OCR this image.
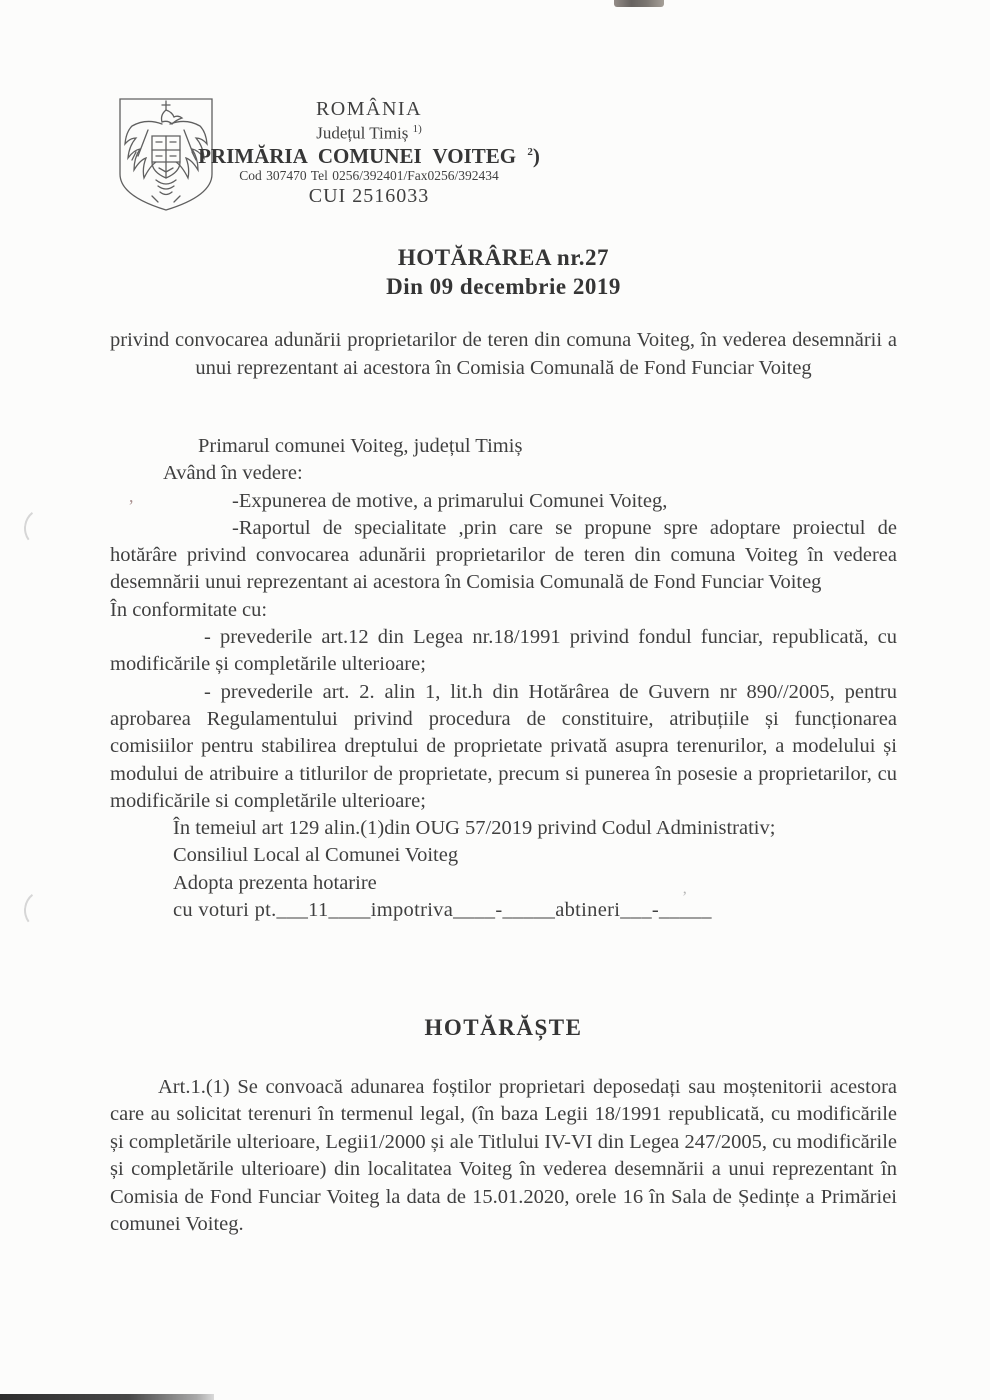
,
‚
ROMÂNIA
Județul Timiș $^{1)}$
PRIMĂRIA COMUNEI VOITEG $^2$)
Cod 307470 Tel 0256/392401/Fax0256/392434
CUI 2516033
HOTĂRÂREA nr.27
Din 09 decembrie 2019
privind convocarea adunării proprietarilor de teren din comuna Voiteg, în vederea desemnării a unui reprezentant ai acestora în Comisia Comunală de Fond Funciar Voiteg
Primarul comunei Voiteg, județul Timiș
Având în vedere:
-Expunerea de motive, a primarului Comunei Voiteg,
-Raportul de specialitate ,prin care se propune spre adoptare proiectul de hotărâre privind convocarea adunării proprietarilor de teren din comuna Voiteg în vederea desemnării unui reprezentant ai acestora în Comisia Comunală de Fond Funciar Voiteg
În conformitate cu:
- prevederile art.12 din Legea nr.18/1991 privind fondul funciar, republicată, cu modificările și completările ulterioare;
- prevederile art. 2. alin 1, lit.h din Hotărârea de Guvern nr 890//2005, pentru aprobarea Regulamentului privind procedura de constituire, atribuțiile și funcționarea comisiilor pentru stabilirea dreptului de proprietate privată asupra terenurilor, a modelului și modului de atribuire a titlurilor de proprietate, precum si punerea în posesie a proprietarilor, cu modificările si completările ulterioare;
În temeiul art 129 alin.(1)din OUG 57/2019 privind Codul Administrativ;
Consiliul Local al Comunei Voiteg
Adopta prezenta hotarire
cu voturi pt.___11____impotriva____-_____abtineri___-_____
HOTĂRĂȘTE
Art.1.(1) Se convoacă adunarea foștilor proprietari deposedați sau moștenitorii acestora care au solicitat terenuri în termenul legal, (în baza Legii 18/1991 republicată, cu modificările și completările ulterioare, Legii1/2000 și ale Titlului IV-VI din Legea 247/2005, cu modificările și completările ulterioare) din localitatea Voiteg în vederea desemnării a unui reprezentant în Comisia de Fond Funciar Voiteg la data de 15.01.2020, orele 16 în Sala de Ședințe a Primăriei comunei Voiteg.
